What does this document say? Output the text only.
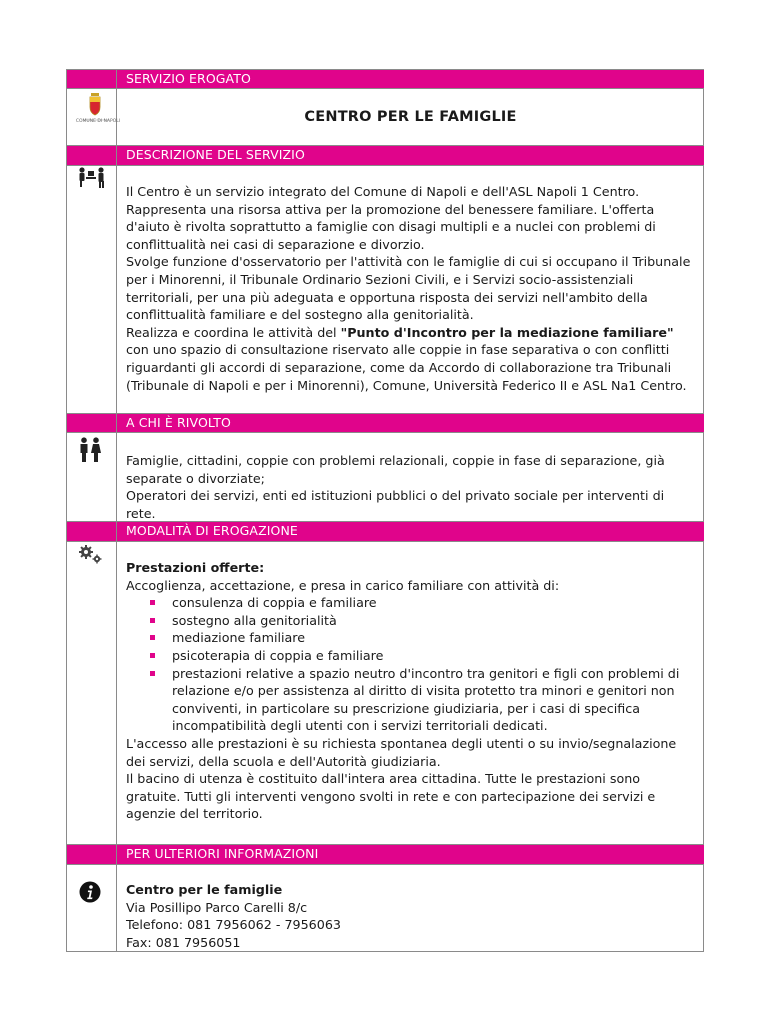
SERVIZIO EROGATO
COMUNE DI NAPOLI	CENTRO PER LE FAMIGLIE
DESCRIZIONE DEL SERVIZIO

Il Centro è un servizio integrato del Comune di Napoli e dell'ASL Napoli 1 Centro. Rappresenta una risorsa attiva per la promozione del benessere familiare. L'offerta d'aiuto è rivolta soprattutto a famiglie con disagi multipli e a nuclei con problemi di conflittualità nei casi di separazione e divorzio.

Svolge funzione d'osservatorio per l'attività con le famiglie di cui si occupano il Tribunale per i Minorenni, il Tribunale Ordinario Sezioni Civili, e i Servizi socio-assistenziali territoriali, per una più adeguata e opportuna risposta dei servizi nell'ambito della conflittualità familiare e del sostegno alla genitorialità.

Realizza e coordina le attività del "Punto d'Incontro per la mediazione familiare" con uno spazio di consultazione riservato alle coppie in fase separativa o con conflitti riguardanti gli accordi di separazione, come da Accordo di collaborazione tra Tribunali (Tribunale di Napoli e per i Minorenni), Comune, Università Federico II e ASL Na1 Centro.

A CHI È RIVOLTO

Famiglie, cittadini, coppie con problemi relazionali, coppie in fase di separazione, già separate o divorziate;

Operatori dei servizi, enti ed istituzioni pubblici o del privato sociale per interventi di rete.

MODALITÀ DI EROGAZIONE

Prestazioni offerte:

Accoglienza, accettazione, e presa in carico familiare con attività di:

consulenza di coppia e familiare
sostegno alla genitorialità
mediazione familiare
psicoterapia di coppia e familiare
prestazioni relative a spazio neutro d'incontro tra genitori e figli con problemi di relazione e/o per assistenza al diritto di visita protetto tra minori e genitori non conviventi, in particolare su prescrizione giudiziaria, per i casi di specifica incompatibilità degli utenti con i servizi territoriali dedicati.

L'accesso alle prestazioni è su richiesta spontanea degli utenti o su invio/segnalazione dei servizi, della scuola e dell'Autorità giudiziaria.

Il bacino di utenza è costituito dall'intera area cittadina. Tutte le prestazioni sono gratuite. Tutti gli interventi vengono svolti in rete e con partecipazione dei servizi e agenzie del territorio.

PER ULTERIORI INFORMAZIONI

Centro per le famiglie

Via Posillipo Parco Carelli 8/c

Telefono: 081 7956062 - 7956063

Fax: 081 7956051
